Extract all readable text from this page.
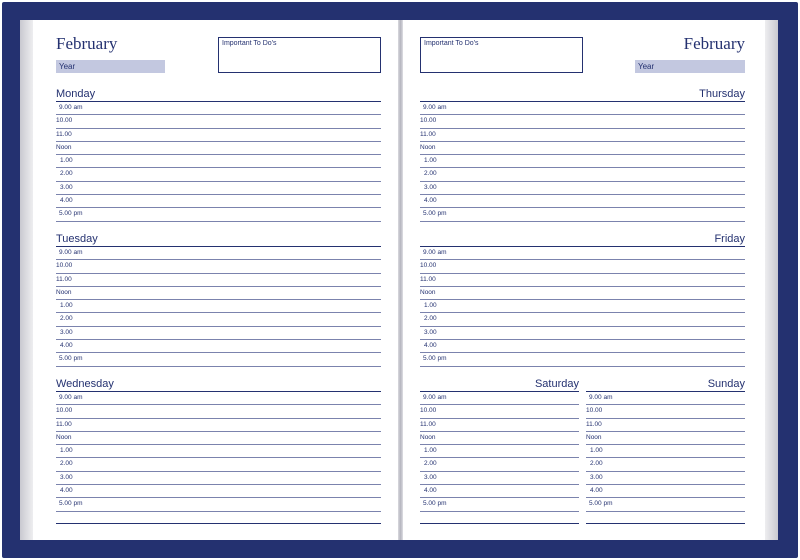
February
Year
Important To Do's
Monday
9.00 am
10.00
11.00
Noon
1.00
2.00
3.00
4.00
5.00 pm
Tuesday
9.00 am
10.00
11.00
Noon
1.00
2.00
3.00
4.00
5.00 pm
Wednesday
9.00 am
10.00
11.00
Noon
1.00
2.00
3.00
4.00
5.00 pm
Important To Do's	February
Year
Thursday
9.00 am
10.00
11.00
Noon
1.00
2.00
3.00
4.00
5.00 pm
Friday
9.00 am
10.00
11.00
Noon
1.00
2.00
3.00
4.00
5.00 pm
Saturday
9.00 am
10.00
11.00
Noon
1.00
2.00
3.00
4.00
5.00 pm
Sunday
9.00 am
10.00
11.00
Noon
1.00
2.00
3.00
4.00
5.00 pm
